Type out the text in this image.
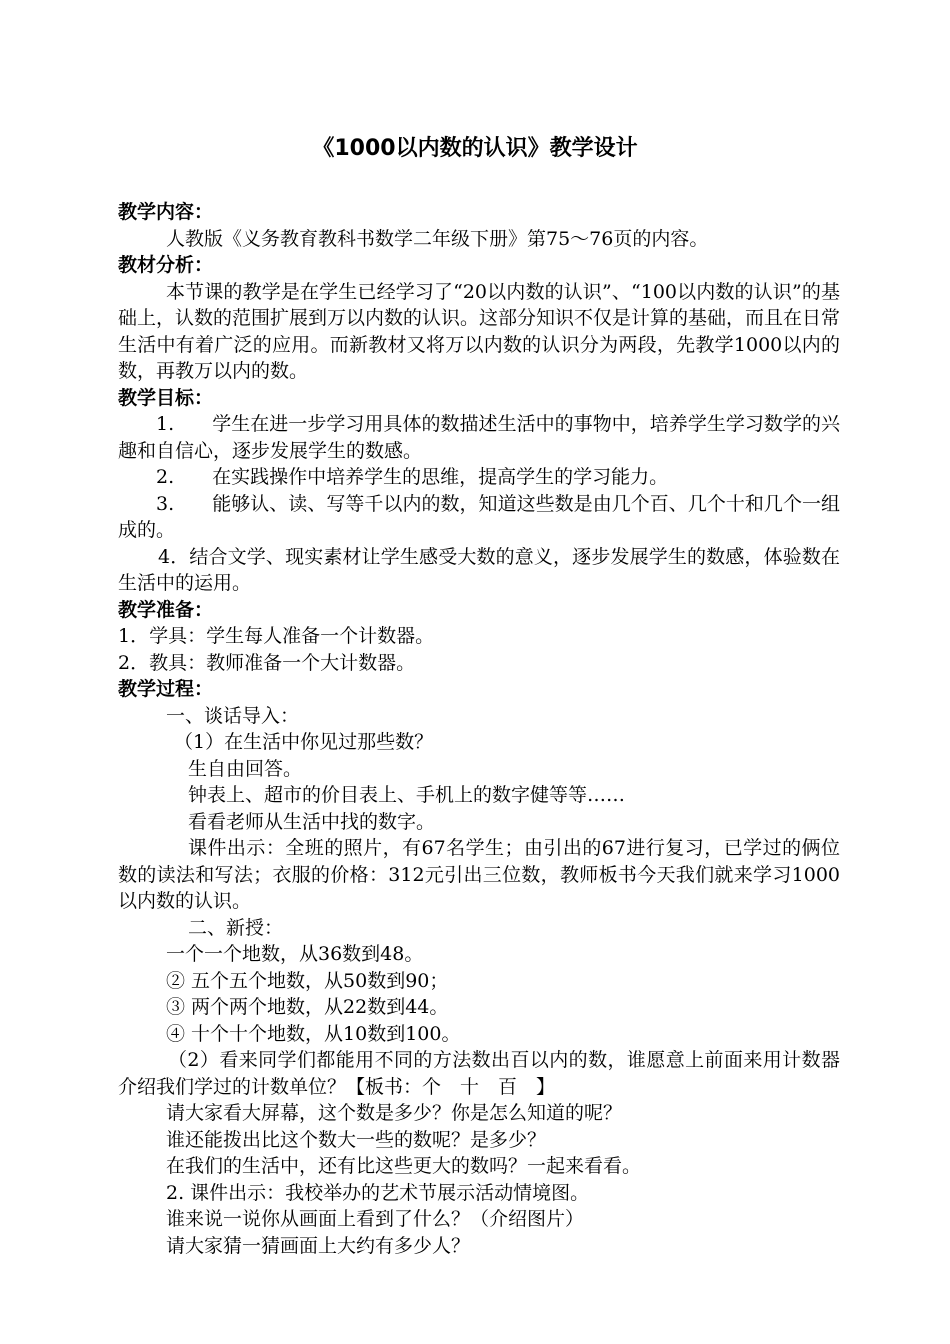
《1000以内数的认识》教学设计

教学内容：

人教版《义务教育教科书数学二年级下册》第75～76页的内容。

教材分析：

本节课的教学是在学生已经学习了“20以内数的认识”、“100以内数的认识”的基础上，认数的范围扩展到万以内数的认识。这部分知识不仅是计算的基础，而且在日常生活中有着广泛的应用。而新教材又将万以内数的认识分为两段，先教学1000以内的数，再教万以内的数。

教学目标：

1.　　学生在进一步学习用具体的数描述生活中的事物中，培养学生学习数学的兴趣和自信心，逐步发展学生的数感。

2.　　在实践操作中培养学生的思维，提高学生的学习能力。

3.　　能够认、读、写等千以内的数，知道这些数是由几个百、几个十和几个一组成的。

4．结合文学、现实素材让学生感受大数的意义，逐步发展学生的数感，体验数在生活中的运用。

教学准备：

1．学具：学生每人准备一个计数器。

2．教具：教师准备一个大计数器。

教学过程：

一、谈话导入：

（1）在生活中你见过那些数？

生自由回答。

钟表上、超市的价目表上、手机上的数字健等等……

看看老师从生活中找的数字。

课件出示：全班的照片，有67名学生；由引出的67进行复习，已学过的俩位数的读法和写法；衣服的价格：312元引出三位数，教师板书今天我们就来学习1000以内数的认识。

二、新授：

一个一个地数，从36数到48。

② 五个五个地数，从50数到90；

③ 两个两个地数，从22数到44。

④ 十个十个地数，从10数到100。

（2）看来同学们都能用不同的方法数出百以内的数，谁愿意上前面来用计数器介绍我们学过的计数单位？【板书：个　十　百　】

请大家看大屏幕，这个数是多少？你是怎么知道的呢？

谁还能拨出比这个数大一些的数呢？是多少？

在我们的生活中，还有比这些更大的数吗？一起来看看。

2. 课件出示：我校举办的艺术节展示活动情境图。

谁来说一说你从画面上看到了什么？（介绍图片）

请大家猜一猜画面上大约有多少人？
